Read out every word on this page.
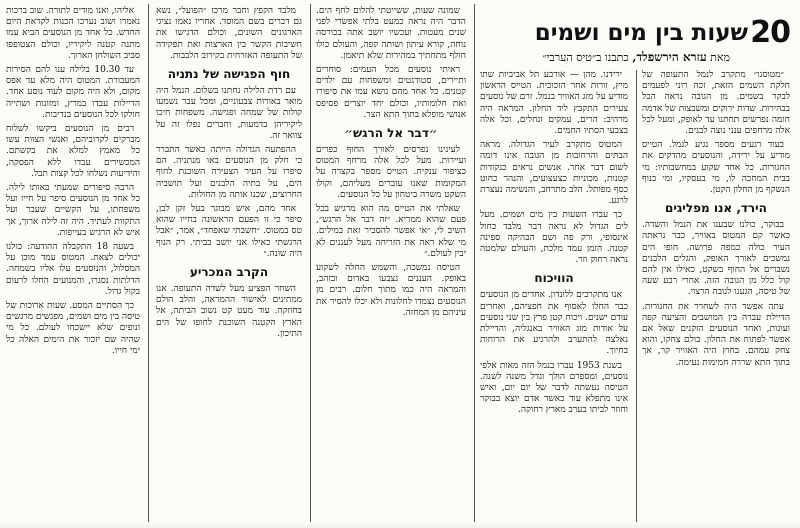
20
שעות בין מים ושמים
מאת עזרא הירשפלד, כתבנו ב״טיס הערבי״

״מטוסנו״ מתקרב לנמל התעופה של חלקת השמים הזאת, זכה רוני לפעמים לבקר בשמים. מן הגובה נראה הכל בבהירות. שדות ירוקים ומשבצות של אדמה חומה נפרשים תחתנו עד לאופק, ומעל לכל אלה מרחפים ענני נוצה לבנים.

בעוד רגעים מספר נגיע לנמל. הטייס מודיע על ירידה, והנוסעים מהדקים את החגורות. כל אחד שקוע במחשבותיו: מי בבית המחכה לו, מי בעסקיו, ומי בנוף הנשקף מן החלון הקטן.

הירד, אנו מפליגים

בבוקר, כולנו שבענו את הנמל והשדה. כאשר קם המטוס באוויר, כבר נראתה העיר כולה כמפה פרושה. חופי הים נמשכים לאורך האופק, והגלים הלבנים נשברים אל החוף בשקט, כאילו אין להם קול כלל מן הגובה הזה. אחרי רבע שעה של טיסה, הגענו לגובה הרצוי.

עתה אפשר היה לשחרר את החגורות. הדיילת עברה בין המושבים והציעה קפה ועוגות, ואחד הנוסעים הזקנים שאל אם אפשר לפתוח את החלון. כולם צחקו, והוא צחק עמהם. בחוץ היה האוויר קר, אך בתוך התא שררה חמימות נעימה.

ירידנו. מהן — אורבע תל אביביות שתו מיץ, זורות אחר הזכוכית. הטייס הראשון מודיע על מזג האוויר בנמל. זרם של נוסעים צעירים התקבץ ליד החלון. המראה היה מרהיב: הרים, עמקים ונחלים, וכל אלה בצבעי הסתיו החמים.

המטוס מתקרב לעיר הגדולה. מראה הבתים והרחובות מן הגובה אינו דומה לשום דבר אחר. אנשים נראים כנקודות קטנות, מכוניות כצעצועים, והנהר כחוט כסף מפותל. הלב מתרחב, והנשימה נעצרת לרגע.

כך עברו השעות בין מים ושמים. מעל לים הגדול לא נראה דבר מלבד כחול אינסופי, ורק פה ושם הבהיקה ספינה קטנה. הזמן עמד מלכת, והעולם שלמטה נראה רחוק וזר.

הוויכוח

אנו מתקרבים ללונדון. אחדים מן הנוסעים כבר החלו לאסוף את חפציהם, ואחרים עודם ישנים. ויכוח קטן פרץ בין שני נוסעים על אודות מזג האוויר באנגליה, והדיילת נאלצה להתערב ולהרגיע את הרוחות בחיוך.

בשנת 1953 עברו בנמל הזה מאות אלפי נוסעים, ומספרם הולך וגדל משנה לשנה. הטיסה נעשתה לדבר של יום יום, ואיש אינו מתפלא עוד כאשר אדם יוצא בבוקר וחוזר לביתו בערב מארץ רחוקה.

שמונה שעות, ששייטתי להלום לחף הים. הדבר היה נראה כמעט בלתי אפשרי לפני שנים מעטות. ועכשיו יושב אתה בכורסה נוחה, קורא עיתון ושותה קפה, והעולם כולו חולף מתחתיך במהירות שלא תיאמן.

ראיתי נוסעים מכל העמים: סוחרים ותיירים, סטודנטים ומשפחות עם ילדים קטנים. כל אחד מהם נושא עמו את סיפורו ואת חלומותיו, וכולם יחד יוצרים פסיפס אנושי מופלא בתוך התא הצר.

״דבר אל הרגש״

לעינינו נפרסים לאורך החוף כפרים ועיירות. מעל לכל אלה מרחף המטוס כציפור ענקית. הטייס מספר בקצרה על המקומות שאנו עוברים מעליהם, וקולו השקט משרה ביטחון על כל הנוסעים.

שאלתי את הטייס מה הוא מרגיש בכל פעם שהוא ממריא. ״זה דבר אל הרגש״, השיב לי, ״אי אפשר להסביר זאת במילים. מי שלא ראה את הזריחה מעל לעננים לא יבין לעולם.״

הטיסה נמשכה, והשמש החלה לשקוע באופק. העננים נצבעו באדום ובזהב, והמראה היה כמו מתוך חלום. רבים מן הנוסעים נצמדו לחלונות ולא יכלו להסיר את עיניהם מן המחזה.

מלבד הקפץ וחבר מרכז ״הפועל״, נשא גם דברים בשם המוסד. אחריו נאמו נציגי הארגונים השונים, וכולם הדגישו את חשיבות הקשר בין הארצות ואת תפקידה של התעופה האזרחית בקירוב הלבבות.

חוף הפגישה של נתניה

עם רדת הלילה נחתנו בשלום. הנמל היה מואר באורות צבעוניים, ומכל עבר נשמעו קולות של שמחה ופגישה. משפחות חיכו ליקיריהן בדמעות, וחברים נפלו זה על צוואר זה.

ההפתעה הגדולה הייתה כאשר התברר כי חלק מן הנוסעים באו מנתניה. הם סיפרו על העיר הצעירה השוכנת לחוף הים, על בתיה הלבנים ועל תושביה החרוצים, שבנו אותה מן החולות.

אחד מהם, איש מבוגר בעל זקן לבן, סיפר כי זו הפעם הראשונה בחייו שהוא טס במטוס. ״חשבתי שאפחד״, אמר, ״אבל הרגשתי כאילו אני יושב בביתי. רק הנוף היה שונה.״

הקרב המכריע

השחר הפציע מעל לשדה התעופה. אנו ממתינים לאישור ההמראה, והלב הולם בחוזקה. עוד מעט קט נשוב הביתה, אל הארץ הקטנה השוכנת לחופו של הים התיכון.

אליהו, ואנו מודים לתורה. שוב ברכות נאמרו ושוב נערכו הכנות לקראת היום החדש. כל אחד מן הנוסעים הביא עמו מתנה קטנה ליקיריו, וכולם הצטופפו סביב השולחן הארוך.

עד 10.30 בלילה ענו להם הסירות המעבורת. המטוס היה מלא עד אפס מקום, ולא היה מקום לעוד נוסע אחד. הדיילות עבדו במרץ, ומזונות ושתייה חולקו לכל הנוסעים בנדיבות.

רבים מן הנוסעים ביקשו לשלוח מברקים לקרוביהם, ואנשי הצוות עשו כל מאמץ למלא את בקשתם. המכשירים עבדו ללא הפסקה, והידיעות נשלחו לכל קצות תבל.

הרבה סיפורים שמעתי באותו לילה. כל אחד מן הנוסעים סיפר על חייו ועל משפחתו, על הקשיים שעבר ועל התקוות לעתיד. היה זה לילה ארוך, אך איש לא הרגיש בעייפות.

בשעה 18 התקבלה ההודעה: כולנו יכולים לצאת. המטוס עמד מוכן על המסלול, והנוסעים עלו אליו בשמחה. הדלתות נסגרו, והמנועים החלו לרעום בקול גדול.

כך הסתיים המסע. שעות ארוכות של טיסה בין מים ושמים, מפגשים מרגשים ונופים שלא יישכחו לעולם. כל מי שהיה שם יזכור את הימים האלה כל ימי חייו.
